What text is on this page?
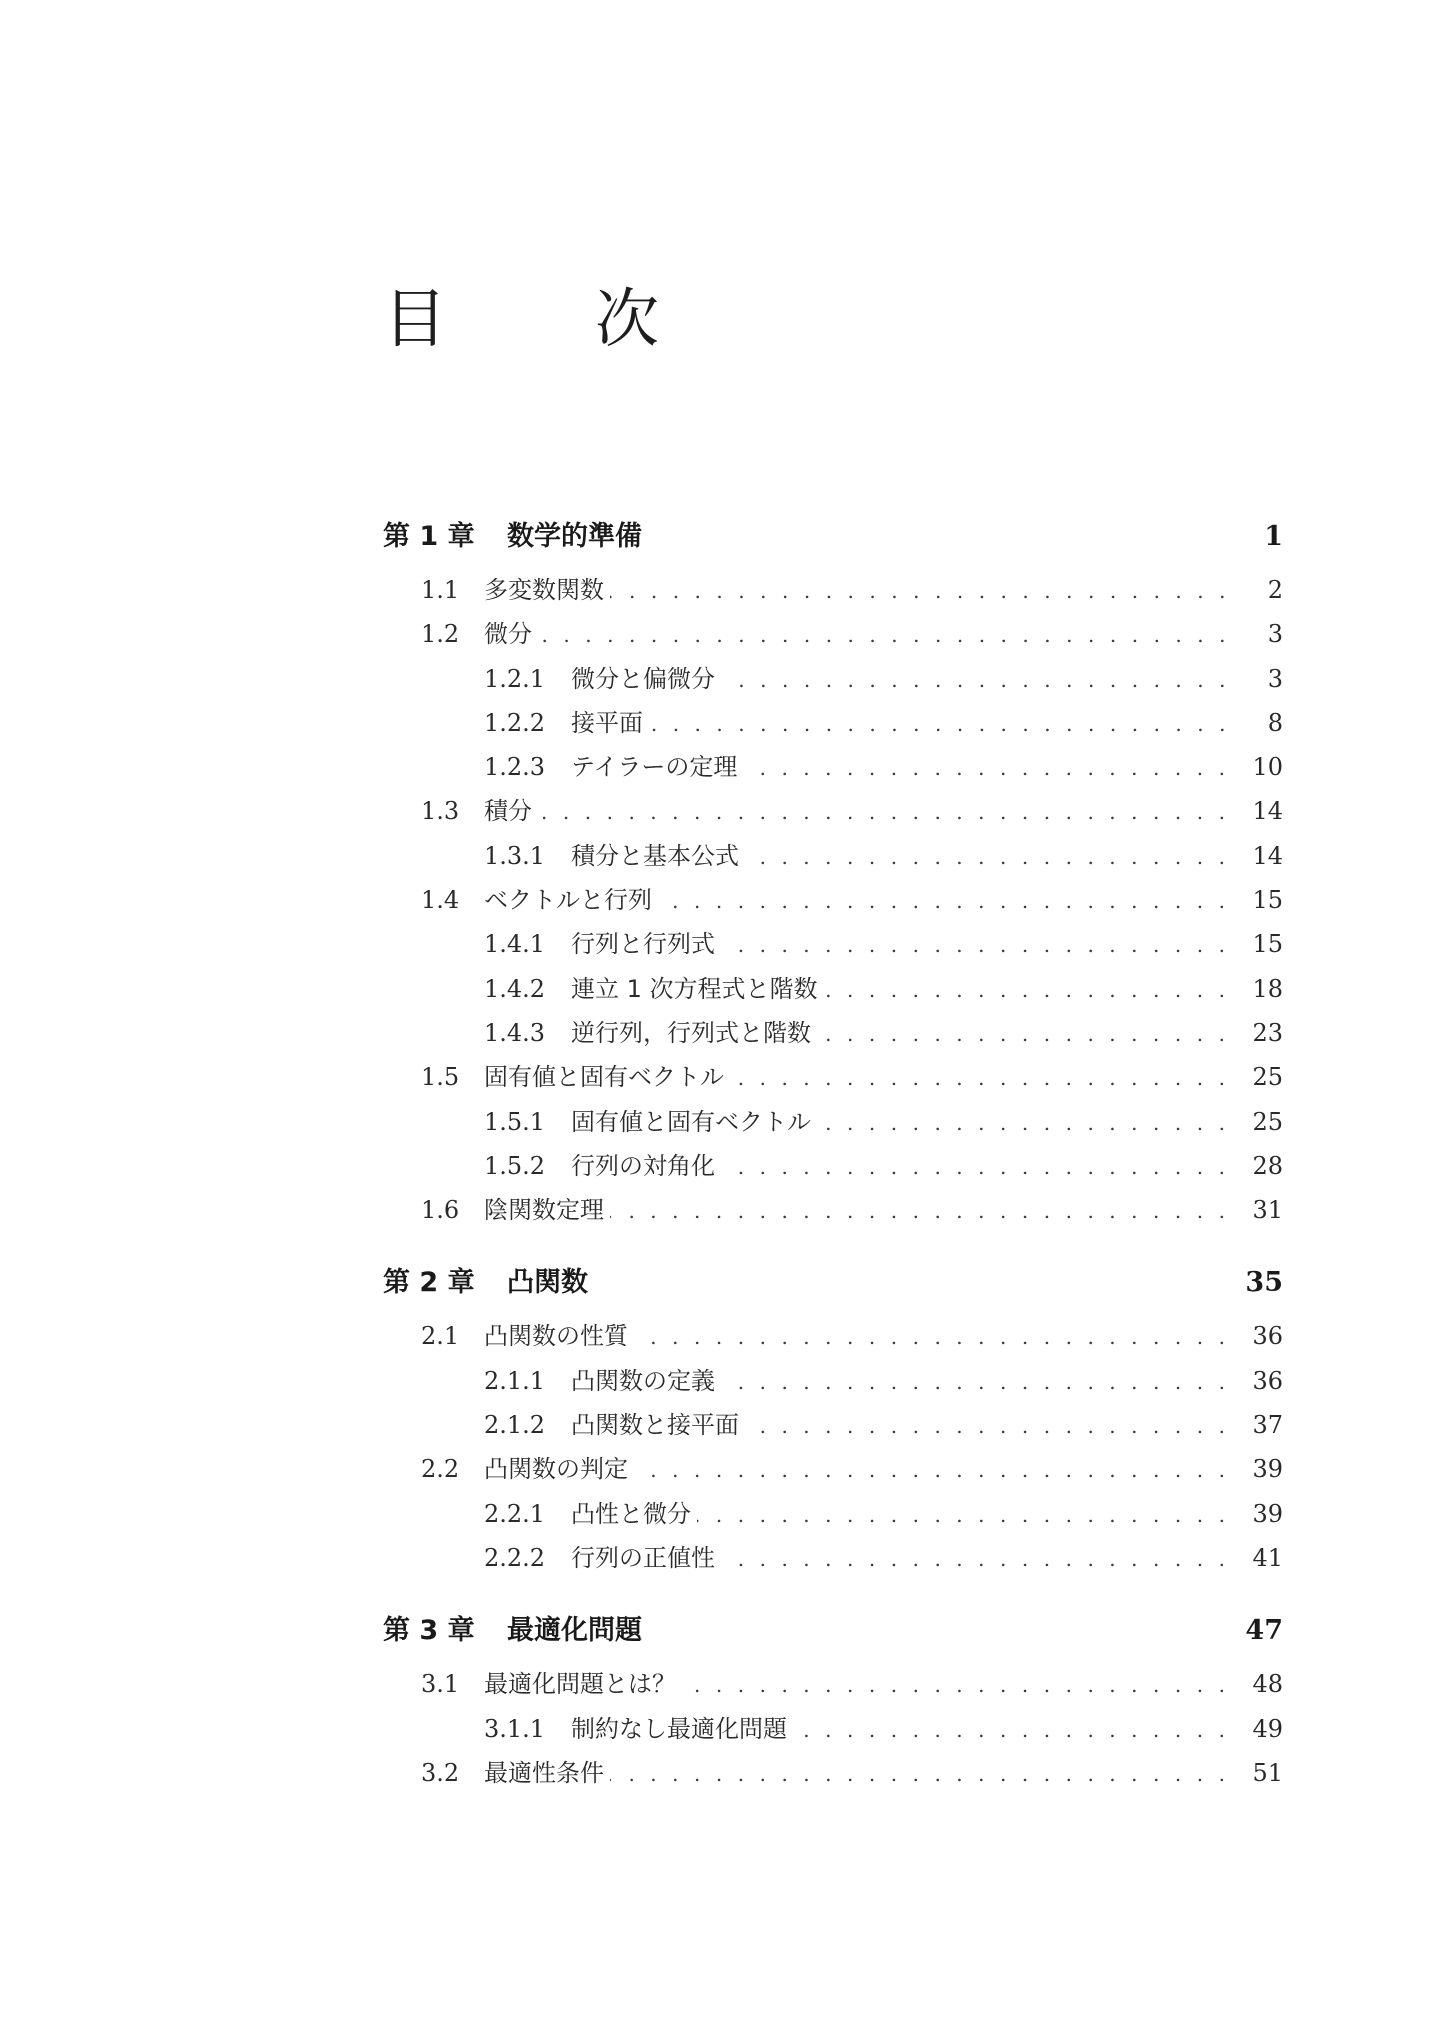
目　次
第 1 章	数学的準備	1
1.1	多変数関数 .....	2
1.2	微分 .....	3
1.2.1	微分と偏微分 .....	3
1.2.2	接平面 .....	8
1.2.3	テイラーの定理 .....	10
1.3	積分 .....	14
1.3.1	積分と基本公式 .....	14
1.4	ベクトルと行列 .....	15
1.4.1	行列と行列式 .....	15
1.4.2	連立 1 次方程式と階数 .....	18
1.4.3	逆行列，行列式と階数 .....	23
1.5	固有値と固有ベクトル .....	25
1.5.1	固有値と固有ベクトル .....	25
1.5.2	行列の対角化 .....	28
1.6	陰関数定理 .....	31
第 2 章	凸関数	35
2.1	凸関数の性質 .....	36
2.1.1	凸関数の定義 .....	36
2.1.2	凸関数と接平面 .....	37
2.2	凸関数の判定 .....	39
2.2.1	凸性と微分 .....	39
2.2.2	行列の正値性 .....	41
第 3 章	最適化問題	47
3.1	最適化問題とは？ .....	48
3.1.1	制約なし最適化問題 .....	49
3.2	最適性条件 .....	51
